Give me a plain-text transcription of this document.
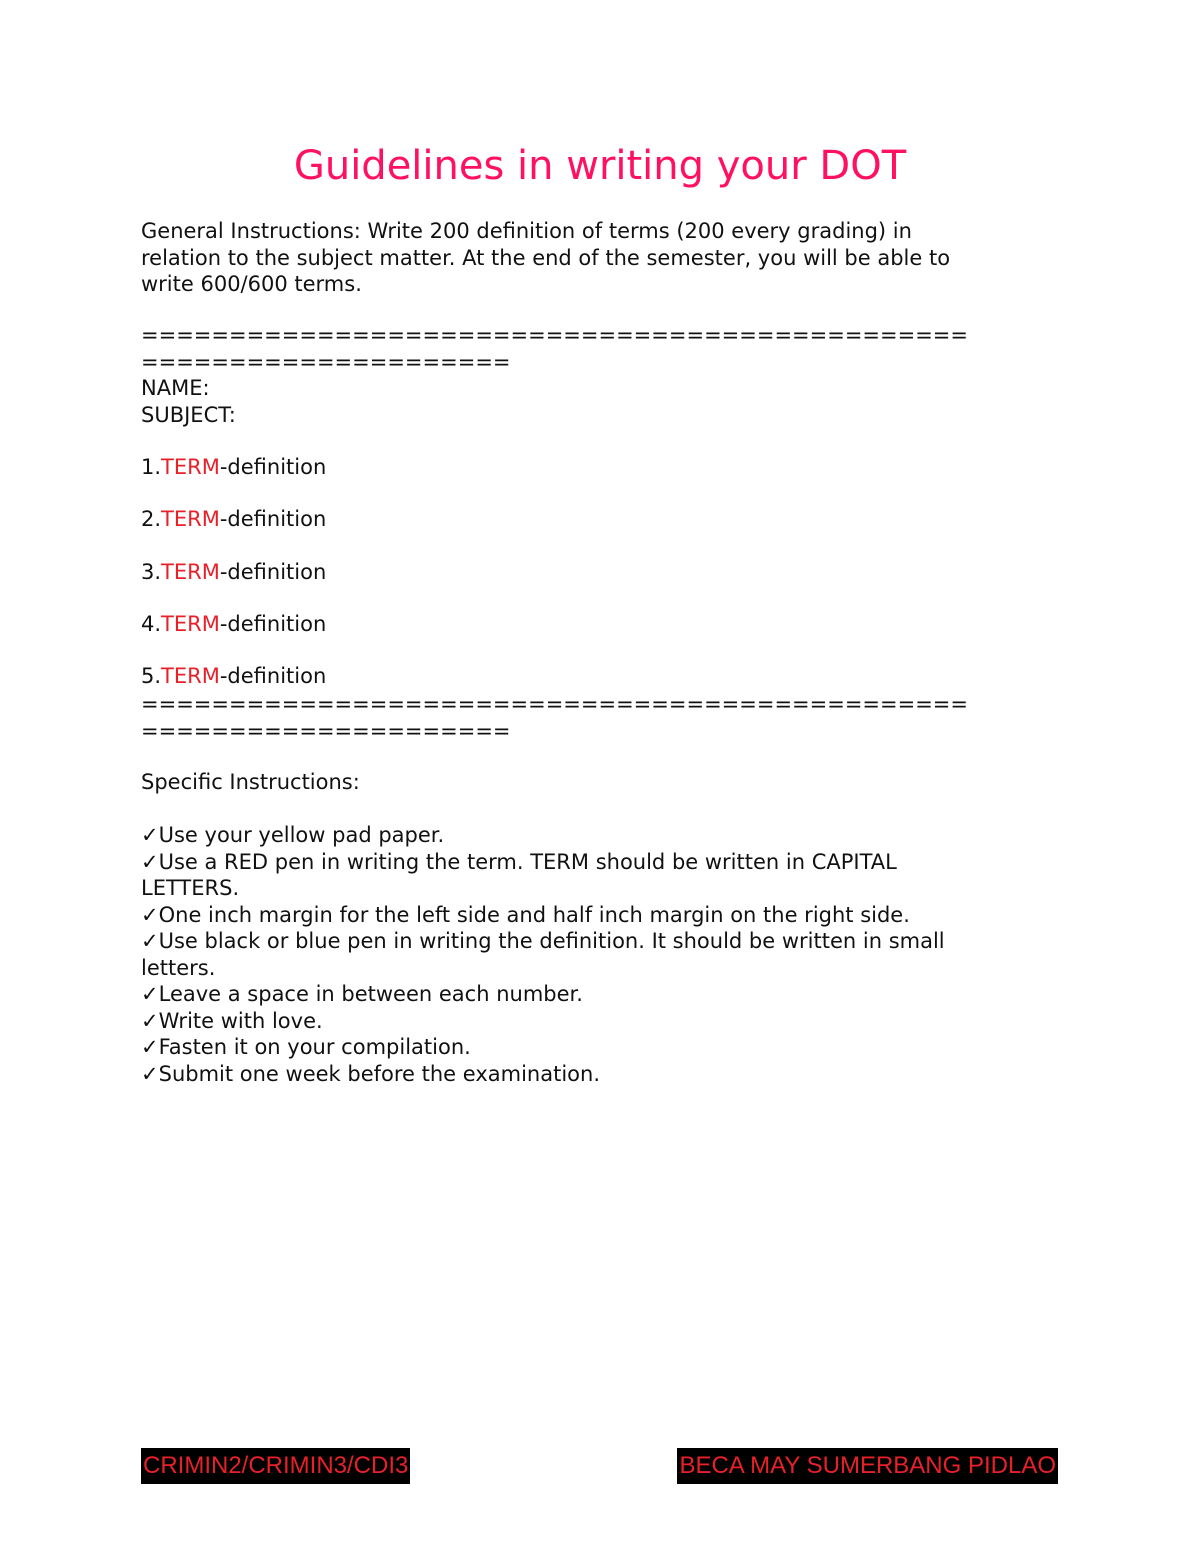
Guidelines in writing your DOT
General Instructions: Write 200 definition of terms (200 every grading) in
relation to the subject matter. At the end of the semester, you will be able to
write 600/600 terms.
===============================================
=====================
NAME:
SUBJECT:
1.TERM-definition
2.TERM-definition
3.TERM-definition
4.TERM-definition
5.TERM-definition
===============================================
=====================
Specific Instructions:
✓Use your yellow pad paper.
✓Use a RED pen in writing the term. TERM should be written in CAPITAL
LETTERS.
✓One inch margin for the left side and half inch margin on the right side.
✓Use black or blue pen in writing the definition. It should be written in small
letters.
✓Leave a space in between each number.
✓Write with love.
✓Fasten it on your compilation.
✓Submit one week before the examination.
CRIMIN2/CRIMIN3/CDI3	BECA MAY SUMERBANG PIDLAO
